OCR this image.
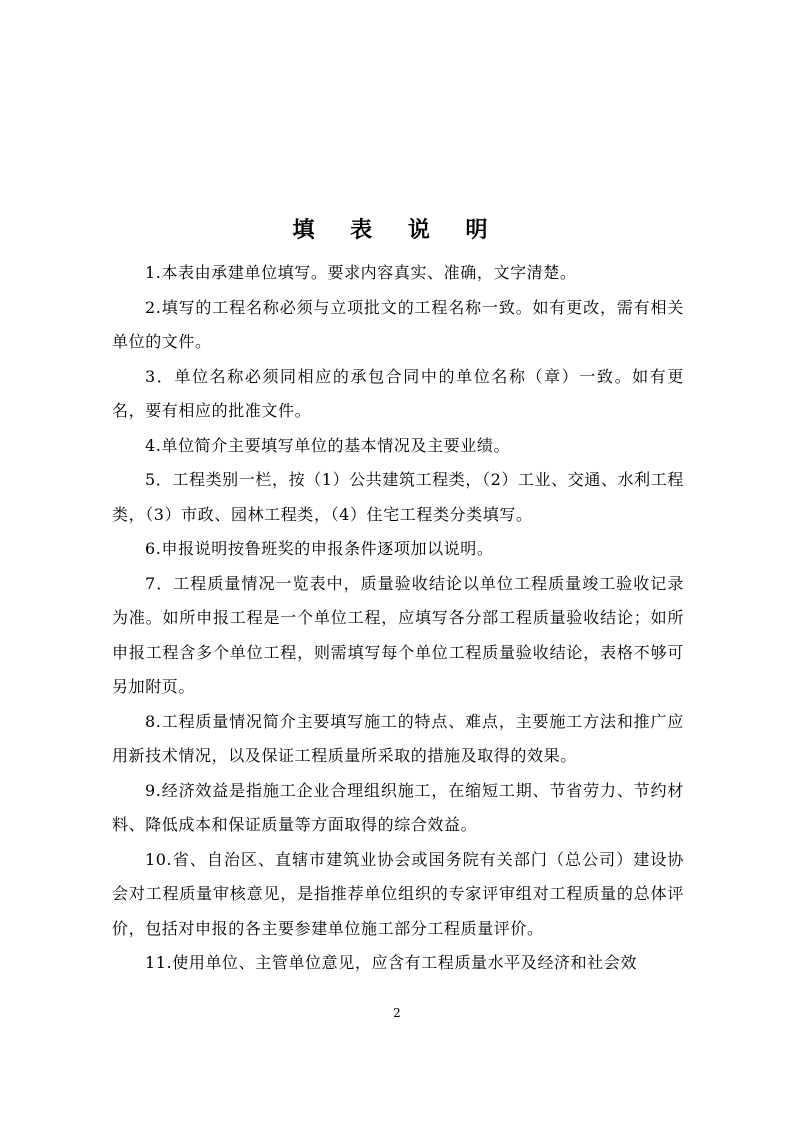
填 表 说 明

1.本表由承建单位填写。要求内容真实、准确，文字清楚。

2.填写的工程名称必须与立项批文的工程名称一致。如有更改，需有相关单位的文件。

3．单位名称必须同相应的承包合同中的单位名称（章）一致。如有更名，要有相应的批准文件。

4.单位简介主要填写单位的基本情况及主要业绩。

5．工程类别一栏，按（1）公共建筑工程类，（2）工业、交通、水利工程类，（3）市政、园林工程类，（4）住宅工程类分类填写。

6.申报说明按鲁班奖的申报条件逐项加以说明。

7．工程质量情况一览表中，质量验收结论以单位工程质量竣工验收记录为准。如所申报工程是一个单位工程，应填写各分部工程质量验收结论；如所申报工程含多个单位工程，则需填写每个单位工程质量验收结论，表格不够可另加附页。

8.工程质量情况简介主要填写施工的特点、难点，主要施工方法和推广应用新技术情况，以及保证工程质量所采取的措施及取得的效果。

9.经济效益是指施工企业合理组织施工，在缩短工期、节省劳力、节约材料、降低成本和保证质量等方面取得的综合效益。

10.省、自治区、直辖市建筑业协会或国务院有关部门（总公司）建设协会对工程质量审核意见，是指推荐单位组织的专家评审组对工程质量的总体评价，包括对申报的各主要参建单位施工部分工程质量评价。

11.使用单位、主管单位意见，应含有工程质量水平及经济和社会效

2
